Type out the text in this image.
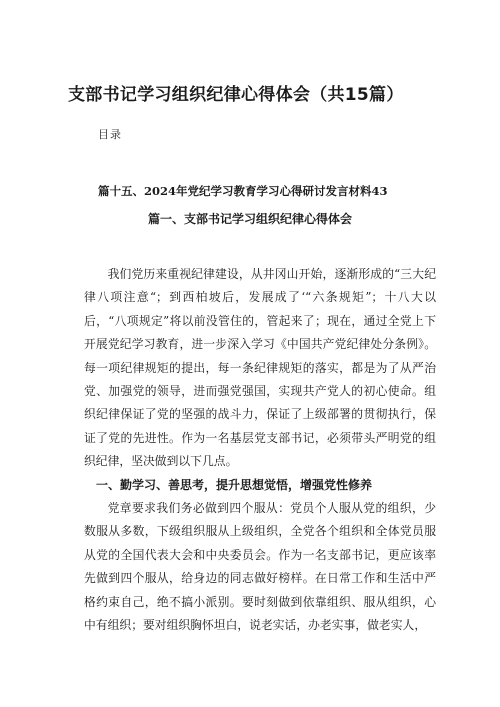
支部书记学习组织纪律心得体会（共15篇）
目录
篇十五、2024年党纪学习教育学习心得研讨发言材料43
篇一、支部书记学习组织纪律心得体会

我们党历来重视纪律建设，从井冈山开始，逐渐形成的“三大纪律八项注意“；到西柏坡后，发展成了‘“六条规矩”；十八大以后，“八项规定”将以前没管住的，管起来了；现在，通过全党上下开展党纪学习教育，进一步深入学习《中国共产党纪律处分条例》。每一项纪律规矩的提出，每一条纪律规矩的落实，都是为了从严治党、加强党的领导，进而强党强国，实现共产党人的初心使命。组织纪律保证了党的坚强的战斗力，保证了上级部署的贯彻执行，保证了党的先进性。作为一名基层党支部书记，必须带头严明党的组织纪律，坚决做到以下几点。

一、勤学习、善思考，提升思想觉悟，增强党性修养

党章要求我们务必做到四个服从：党员个人服从党的组织，少数服从多数，下级组织服从上级组织，全党各个组织和全体党员服从党的全国代表大会和中央委员会。作为一名支部书记，更应该率先做到四个服从，给身边的同志做好榜样。在日常工作和生活中严格约束自己，绝不搞小派别。要时刻做到依靠组织、服从组织，心中有组织；要对组织胸怀坦白，说老实话，办老实事，做老实人，
